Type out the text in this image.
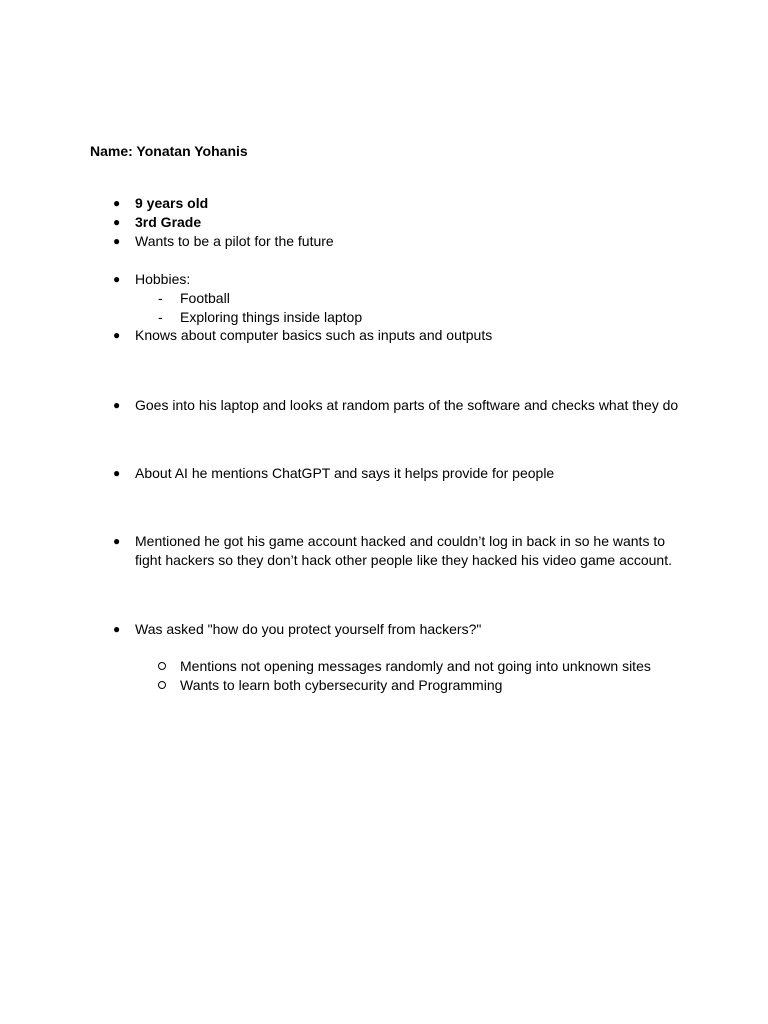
Name: Yonatan Yohanis
● 9 years old
● 3rd Grade
● Wants to be a pilot for the future
● Hobbies:
- Football
- Exploring things inside laptop
● Knows about computer basics such as inputs and outputs
● Goes into his laptop and looks at random parts of the software and checks what they do
● About AI he mentions ChatGPT and says it helps provide for people
● Mentioned he got his game account hacked and couldn’t log in back in so he wants to
fight hackers so they don’t hack other people like they hacked his video game account.
● Was asked "how do you protect yourself from hackers?"
Mentions not opening messages randomly and not going into unknown sites
Wants to learn both cybersecurity and Programming
